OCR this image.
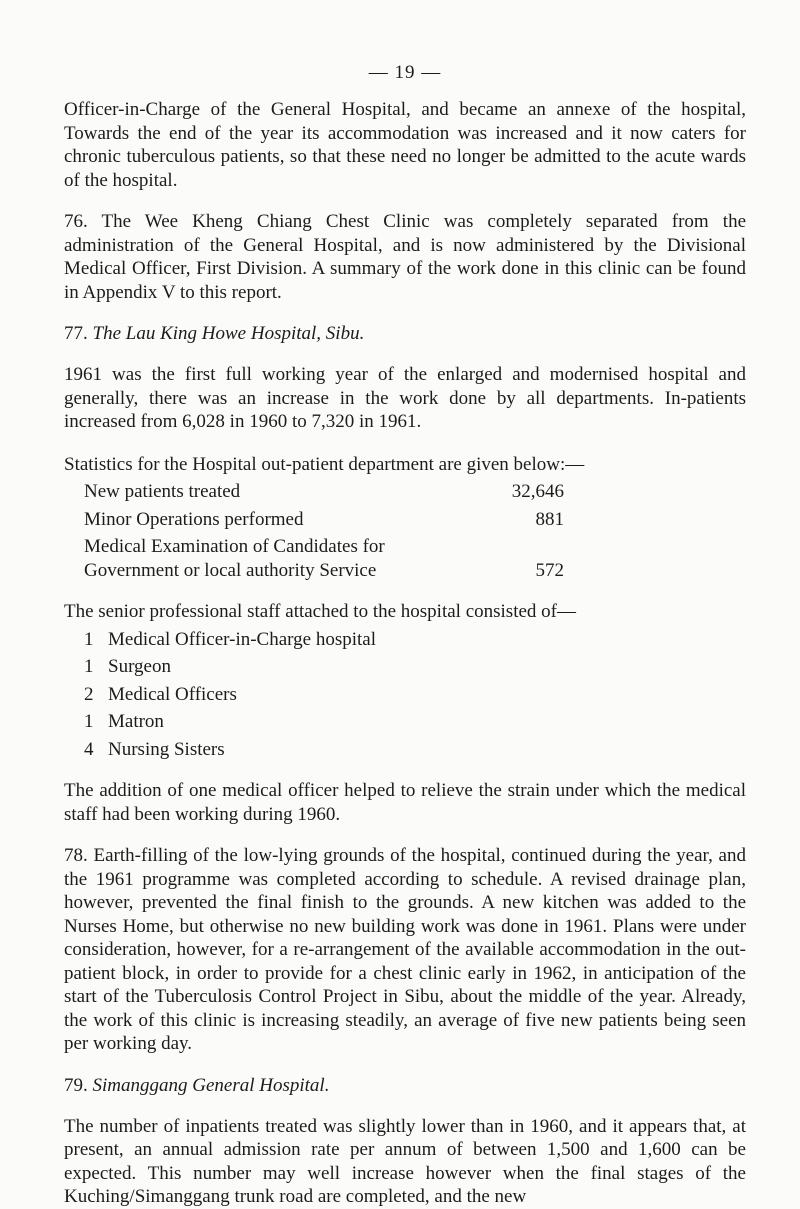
— 19 —

Officer-in-Charge of the General Hospital, and became an annexe of the hospital, Towards the end of the year its accommodation was increased and it now caters for chronic tuberculous patients, so that these need no longer be admitted to the acute wards of the hospital.

76. The Wee Kheng Chiang Chest Clinic was completely separated from the administration of the General Hospital, and is now administered by the Divisional Medical Officer, First Division. A summary of the work done in this clinic can be found in Appendix V to this report.

77. The Lau King Howe Hospital, Sibu.

1961 was the first full working year of the enlarged and modernised hospital and generally, there was an increase in the work done by all departments. In-patients increased from 6,028 in 1960 to 7,320 in 1961.

Statistics for the Hospital out-patient department are given below:—

New patients treated	32,646
Minor Operations performed	881
Medical Examination of Candidates for Government or local authority Service	572

The senior professional staff attached to the hospital consisted of—

1 Medical Officer-in-Charge hospital
1 Surgeon
2 Medical Officers
1 Matron
4 Nursing Sisters

The addition of one medical officer helped to relieve the strain under which the medical staff had been working during 1960.

78. Earth-filling of the low-lying grounds of the hospital, continued during the year, and the 1961 programme was completed according to schedule. A revised drainage plan, however, prevented the final finish to the grounds. A new kitchen was added to the Nurses Home, but otherwise no new building work was done in 1961. Plans were under consideration, however, for a re-arrangement of the available accommodation in the out-patient block, in order to provide for a chest clinic early in 1962, in anticipation of the start of the Tuberculosis Control Project in Sibu, about the middle of the year. Already, the work of this clinic is increasing steadily, an average of five new patients being seen per working day.

79. Simanggang General Hospital.

The number of inpatients treated was slightly lower than in 1960, and it appears that, at present, an annual admission rate per annum of between 1,500 and 1,600 can be expected. This number may well increase however when the final stages of the Kuching/Simanggang trunk road are completed, and the new
